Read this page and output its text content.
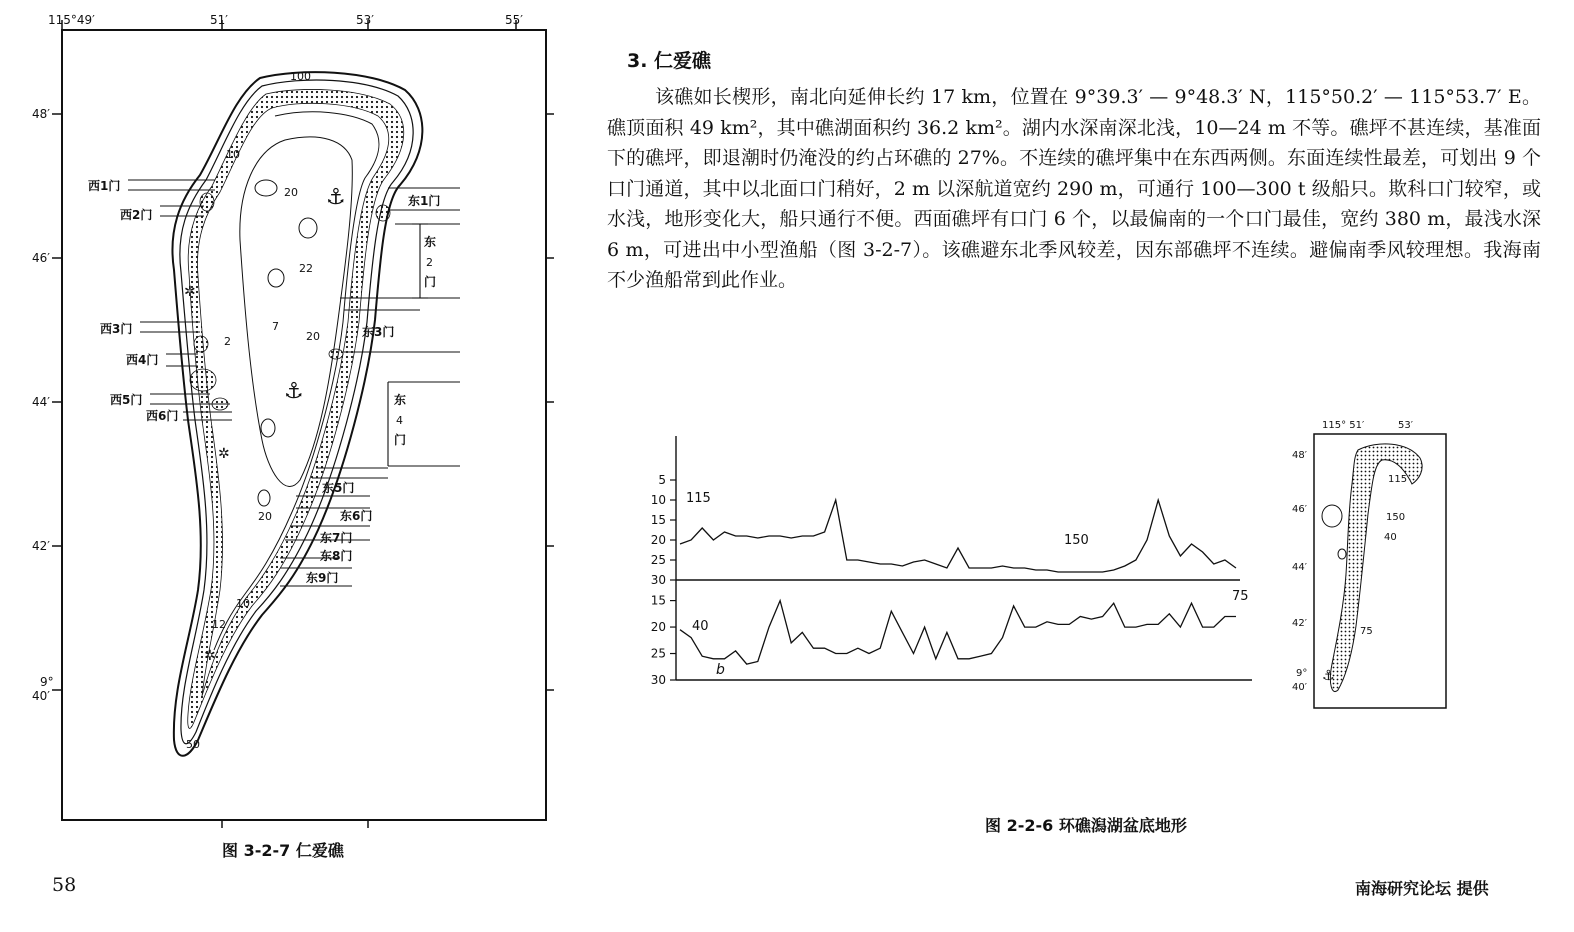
115°49′	51′	53′	55′
48′
46′
44′
42′
9°
40′
⚓
⚓
✲
✲
✲
100
10
20
22
7
2	20
10
12
50
20
西1门
西2门
西3门
西4门
西5门
西6门
东1门
东
2
门
东3门
东
4
门
东5门
东6门
东7门
东8门
东9门
图 3-2-7 仁爱礁
3. 仁爱礁

该礁如长楔形，南北向延伸长约 17 km，位置在 9°39.3′ — 9°48.3′ N，115°50.2′ — 115°53.7′ E。礁顶面积 49 km²，其中礁湖面积约 36.2 km²。湖内水深南深北浅，10—24 m 不等。礁坪不甚连续，基准面下的礁坪，即退潮时仍淹没的约占环礁的 27%。不连续的礁坪集中在东西两侧。东面连续性最差，可划出 9 个口门通道，其中以北面口门稍好，2 m 以深航道宽约 290 m，可通行 100—300 t 级船只。欺科口门较窄，或水浅，地形变化大，船只通行不便。西面礁坪有口门 6 个，以最偏南的一个口门最佳，宽约 380 m，最浅水深 6 m，可进出中小型渔船（图 3-2-7）。该礁避东北季风较差，因东部礁坪不连续。避偏南季风较理想。我海南不少渔船常到此作业。

5
10
15
20
25
30
15
20
25
30
115
150
40
75
b
115° 51′	53′
48′
46′
44′
42′
9°
40′
115
150
40
75
⚓
图 2-2-6 环礁潟湖盆底地形
58	南海研究论坛 提供
